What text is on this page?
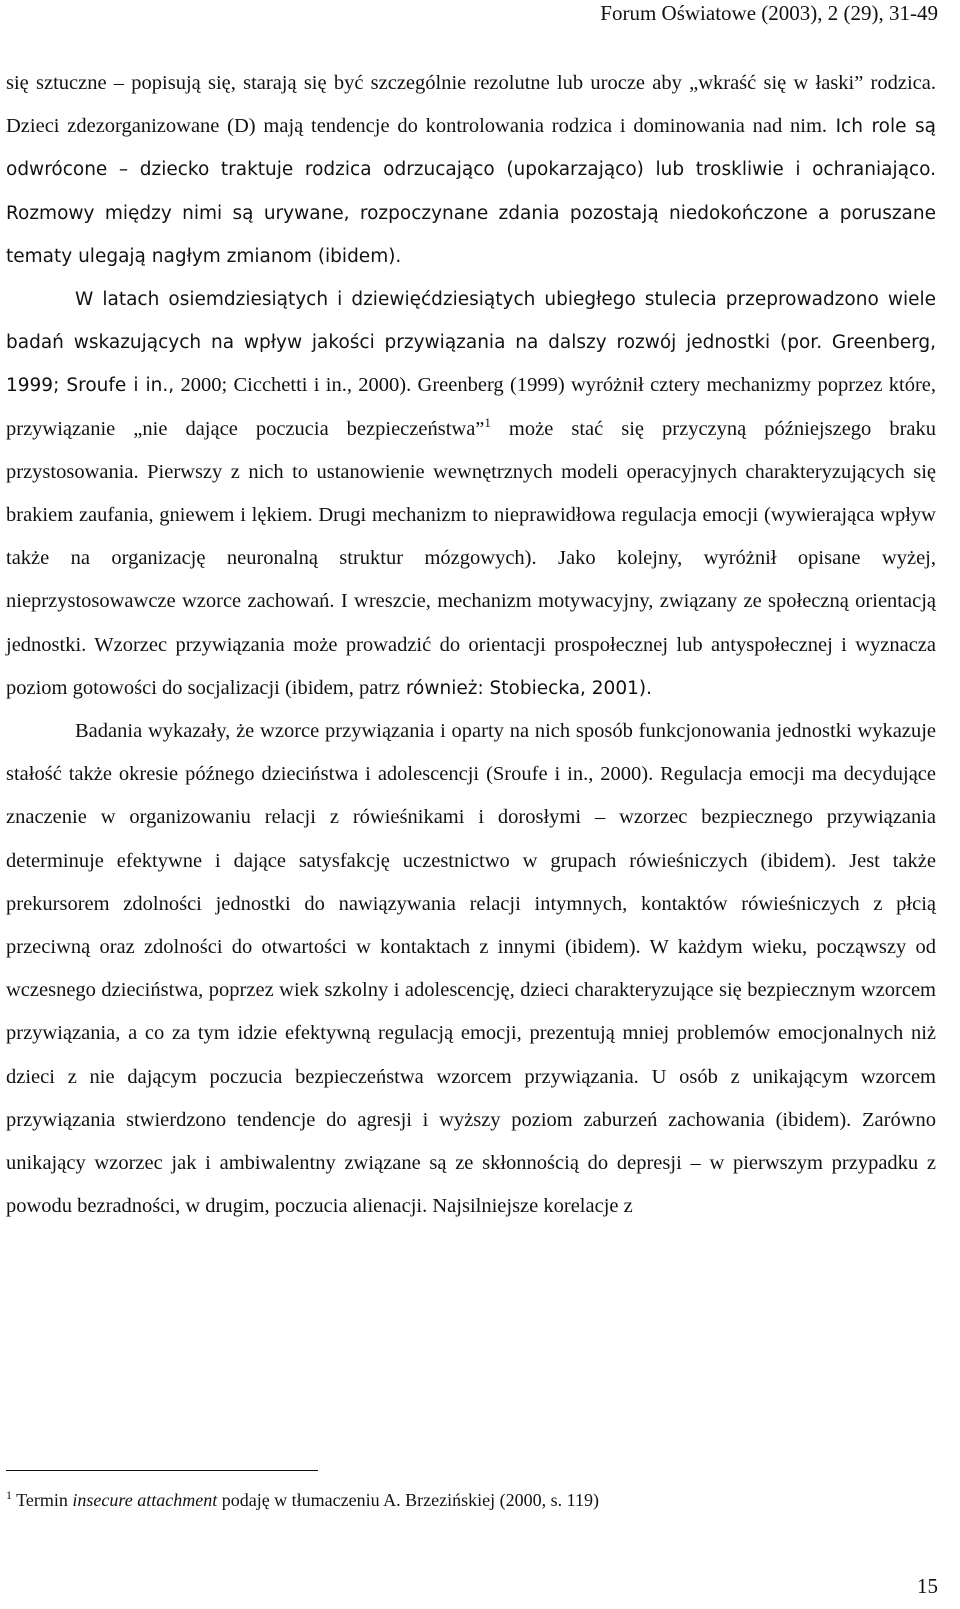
Forum Oświatowe (2003), 2 (29), 31-49

się sztuczne – popisują się, starają się być szczególnie rezolutne lub urocze aby „wkraść się w łaski” rodzica. Dzieci zdezorganizowane (D) mają tendencje do kontrolowania rodzica i dominowania nad nim. Ich role są odwrócone – dziecko traktuje rodzica odrzucająco (upokarzająco) lub troskliwie i ochraniająco. Rozmowy między nimi są urywane, rozpoczynane zdania pozostają niedokończone a poruszane tematy ulegają nagłym zmianom (ibidem).

W latach osiemdziesiątych i dziewięćdziesiątych ubiegłego stulecia przeprowadzono wiele badań wskazujących na wpływ jakości przywiązania na dalszy rozwój jednostki (por. Greenberg, 1999; Sroufe i in., 2000; Cicchetti i in., 2000). Greenberg (1999) wyróżnił cztery mechanizmy poprzez które, przywiązanie „nie dające poczucia bezpieczeństwa”$^1$ może stać się przyczyną późniejszego braku przystosowania. Pierwszy z nich to ustanowienie wewnętrznych modeli operacyjnych charakteryzujących się brakiem zaufania, gniewem i lękiem. Drugi mechanizm to nieprawidłowa regulacja emocji (wywierająca wpływ także na organizację neuronalną struktur mózgowych). Jako kolejny, wyróżnił opisane wyżej, nieprzystosowawcze wzorce zachowań. I wreszcie, mechanizm motywacyjny, związany ze społeczną orientacją jednostki. Wzorzec przywiązania może prowadzić do orientacji prospołecznej lub antyspołecznej i wyznacza poziom gotowości do socjalizacji (ibidem, patrz również: Stobiecka, 2001).

Badania wykazały, że wzorce przywiązania i oparty na nich sposób funkcjonowania jednostki wykazuje stałość także okresie późnego dzieciństwa i adolescencji (Sroufe i in., 2000). Regulacja emocji ma decydujące znaczenie w organizowaniu relacji z rówieśnikami i dorosłymi – wzorzec bezpiecznego przywiązania determinuje efektywne i dające satysfakcję uczestnictwo w grupach rówieśniczych (ibidem). Jest także prekursorem zdolności jednostki do nawiązywania relacji intymnych, kontaktów rówieśniczych z płcią przeciwną oraz zdolności do otwartości w kontaktach z innymi (ibidem). W każdym wieku, począwszy od wczesnego dzieciństwa, poprzez wiek szkolny i adolescencję, dzieci charakteryzujące się bezpiecznym wzorcem przywiązania, a co za tym idzie efektywną regulacją emocji, prezentują mniej problemów emocjonalnych niż dzieci z nie dającym poczucia bezpieczeństwa wzorcem przywiązania. U osób z unikającym wzorcem przywiązania stwierdzono tendencje do agresji i wyższy poziom zaburzeń zachowania (ibidem). Zarówno unikający wzorzec jak i ambiwalentny związane są ze skłonnością do depresji – w pierwszym przypadku z powodu bezradności, w drugim, poczucia alienacji. Najsilniejsze korelacje z

$^1$ Termin insecure attachment podaję w tłumaczeniu A. Brzezińskiej (2000, s. 119)
15
